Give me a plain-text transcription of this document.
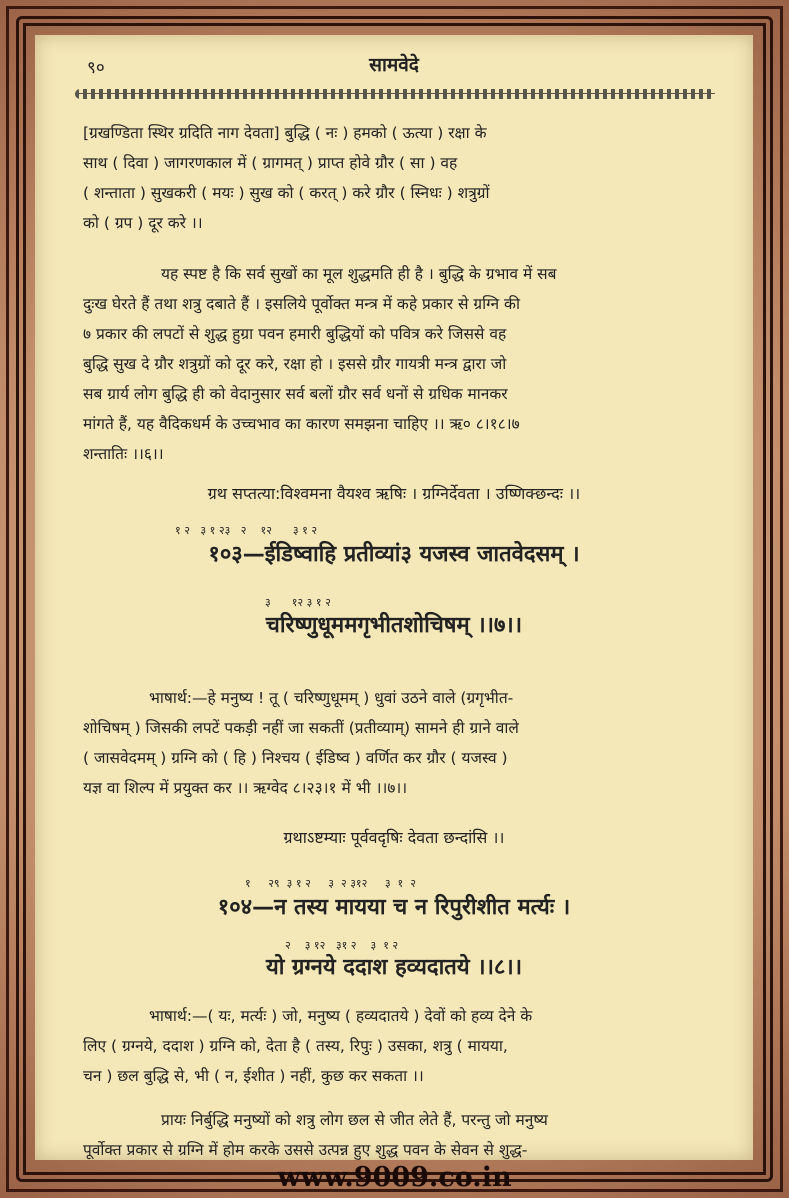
९०	सामवेदे
[ग्रखण्डिता स्थिर ग्रदिति नाग देवता] बुद्धि ( नः ) हमको ( ऊत्या ) रक्षा के
साथ ( दिवा ) जागरणकाल में ( ग्रागमत् ) प्राप्त होवे ग्रौर ( सा ) वह
( शन्ताता ) सुखकरी ( मयः ) सुख को ( करत् ) करे ग्रौर ( स्निधः ) शत्रुग्रों
को ( ग्रप ) दूर करे ।।
यह स्पष्ट है कि सर्व सुखों का मूल शुद्धमति ही है । बुद्धि के ग्रभाव में सब
दुःख घेरते हैं तथा शत्रु दबाते हैं । इसलिये पूर्वोक्त मन्त्र में कहे प्रकार से ग्रग्नि की
७ प्रकार की लपटों से शुद्ध हुग्रा पवन हमारी बुद्धियों को पवित्र करे जिससे वह
बुद्धि सुख दे ग्रौर शत्रुग्रों को दूर करे, रक्षा हो । इससे ग्रौर गायत्री मन्त्र द्वारा जो
सब ग्रार्य लोग बुद्धि ही को वेदानुसार सर्व बलों ग्रौर सर्व धनों से ग्रधिक मानकर
मांगते हैं, यह वैदिकधर्म के उच्चभाव का कारण समझना चाहिए ।। ऋ० ८।१८।७
शन्तातिः ।।६।।
ग्रथ सप्तत्या:विश्वमना वैयश्व ऋषिः । ग्रग्निर्देवता । उष्णिक्छन्दः ।।
१ २   ३ १ २३   २    १२      ३ १ २
१०३—ईडिष्वाहि प्रतीव्यां३ यजस्व जातवेदसम् ।
३      १२ ३ १ २
चरिष्णुधूममगृभीतशोचिषम् ।।७।।
भाषार्थ:—हे मनुष्य ! तू ( चरिष्णुधूमम् ) धुवां उठने वाले (ग्रगृभीत-
शोचिषम् ) जिसकी लपटें पकड़ी नहीं जा सकतीं (प्रतीव्याम्) सामने ही ग्राने वाले
( जासवेदमम् ) ग्रग्नि को ( हि ) निश्चय ( ईडिष्व ) वर्णित कर ग्रौर ( यजस्व )
यज्ञ वा शिल्प में प्रयुक्त कर ।। ऋग्वेद ८।२३।१ में भी ।।७।।
ग्रथाऽष्टम्याः पूर्ववदृषिः देवता छन्दांसि ।।
१     २९  ३ १ २     ३  २ ३१२     ३  १  २
१०४—न तस्य मायया च न रिपुरीशीत मर्त्यः ।
२    ३ १२   ३१ २    ३  १ २
यो ग्रग्नये ददाश हव्यदातये ।।८।।
भाषार्थ:—( यः, मर्त्यः ) जो, मनुष्य ( हव्यदातये ) देवों को हव्य देने के
लिए ( ग्रग्नये, ददाश ) ग्रग्नि को, देता है ( तस्य, रिपुः ) उसका, शत्रु ( मायया,
चन ) छल बुद्धि से, भी ( न, ईशीत ) नहीं, कुछ कर सकता ।।
प्रायः निर्बुद्धि मनुष्यों को शत्रु लोग छल से जीत लेते हैं, परन्तु जो मनुष्य
पूर्वोक्त प्रकार से ग्रग्नि में होम करके उससे उत्पन्न हुए शुद्ध पवन के सेवन से शुद्ध-
www.9009.co.in
